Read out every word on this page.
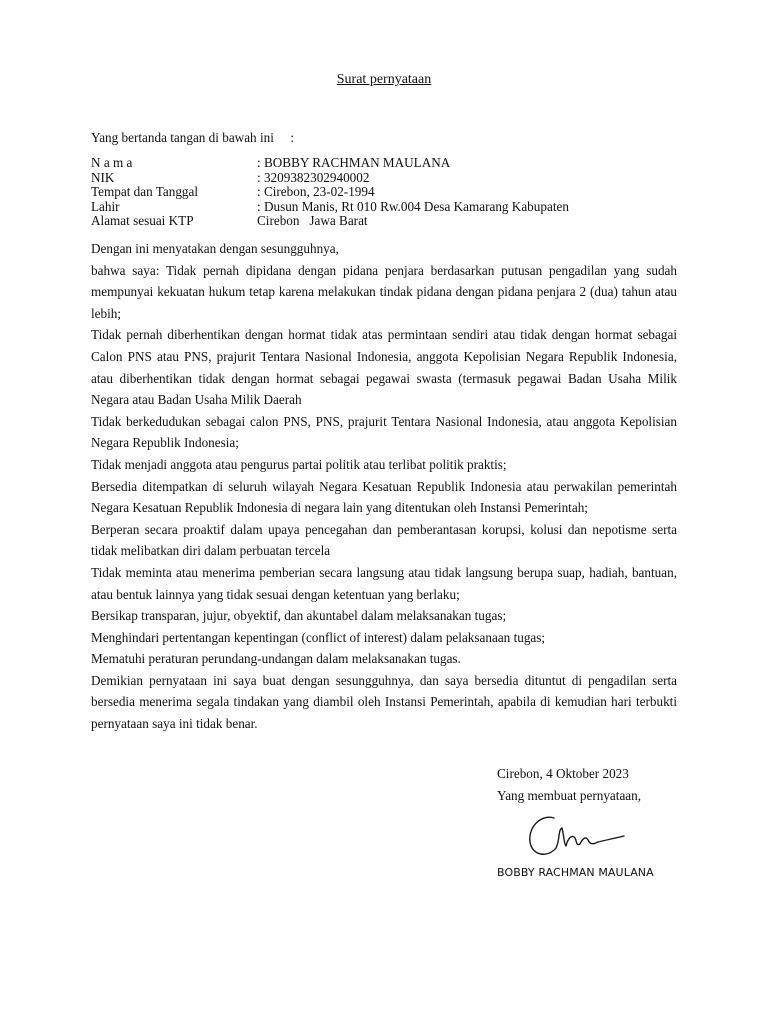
Surat pernyataan
Yang bertanda tangan di bawah ini     :
N a m a	: BOBBY RACHMAN MAULANA
NIK	: 3209382302940002
Tempat dan Tanggal	: Cirebon, 23-02-1994
Lahir	: Dusun Manis, Rt 010 Rw.004 Desa Kamarang Kabupaten
Alamat sesuai KTP	Cirebon   Jawa Barat

Dengan ini menyatakan dengan sesungguhnya,

bahwa saya: Tidak pernah dipidana dengan pidana penjara berdasarkan putusan pengadilan yang sudah mempunyai kekuatan hukum tetap karena melakukan tindak pidana dengan pidana penjara 2 (dua) tahun atau lebih;

Tidak pernah diberhentikan dengan hormat tidak atas permintaan sendiri atau tidak dengan hormat sebagai Calon PNS atau PNS, prajurit Tentara Nasional Indonesia, anggota Kepolisian Negara Republik Indonesia, atau diberhentikan tidak dengan hormat sebagai pegawai swasta (termasuk pegawai Badan Usaha Milik Negara atau Badan Usaha Milik Daerah

Tidak berkedudukan sebagai calon PNS, PNS, prajurit Tentara Nasional Indonesia, atau anggota Kepolisian Negara Republik Indonesia;

Tidak menjadi anggota atau pengurus partai politik atau terlibat politik praktis;

Bersedia ditempatkan di seluruh wilayah Negara Kesatuan Republik Indonesia atau perwakilan pemerintah Negara Kesatuan Republik Indonesia di negara lain yang ditentukan oleh Instansi Pemerintah;

Berperan secara proaktif dalam upaya pencegahan dan pemberantasan korupsi, kolusi dan nepotisme serta tidak melibatkan diri dalam perbuatan tercela

Tidak meminta atau menerima pemberian secara langsung atau tidak langsung berupa suap, hadiah, bantuan, atau bentuk lainnya yang tidak sesuai dengan ketentuan yang berlaku;

Bersikap transparan, jujur, obyektif, dan akuntabel dalam melaksanakan tugas;

Menghindari pertentangan kepentingan (conflict of interest) dalam pelaksanaan tugas;

Mematuhi peraturan perundang-undangan dalam melaksanakan tugas.

Demikian pernyataan ini saya buat dengan sesungguhnya, dan saya bersedia dituntut di pengadilan serta bersedia menerima segala tindakan yang diambil oleh Instansi Pemerintah, apabila di kemudian hari terbukti pernyataan saya ini tidak benar.

Cirebon, 4 Oktober 2023
Yang membuat pernyataan,
BOBBY RACHMAN MAULANA
